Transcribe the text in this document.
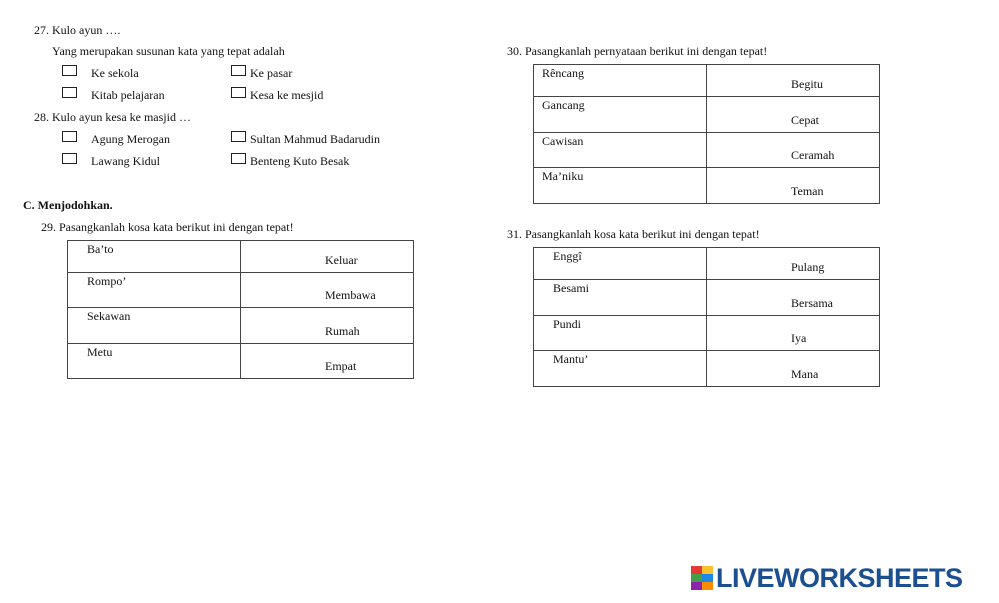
27. Kulo ayun ….
Yang merupakan susunan kata yang tepat adalah
Ke sekola	Ke pasar
Kitab pelajaran	Kesa ke mesjid
28. Kulo ayun kesa ke masjid …
Agung Merogan	Sultan Mahmud Badarudin
Lawang Kidul	Benteng Kuto Besak
C. Menjodohkan.
29. Pasangkanlah kosa kata berikut ini dengan tepat!
Ba’to	Keluar

Rompo’	Membawa

Sekawan	Rumah

Metu	Empat
30. Pasangkanlah pernyataan berikut ini dengan tepat!
Rêncang	Begitu

Gancang	Cepat

Cawisan	Ceramah

Ma’niku	Teman
31. Pasangkanlah kosa kata berikut ini dengan tepat!
Enggî	Pulang

Besami	Bersama

Pundi	Iya

Mantu’	Mana
LIVEWORKSHEETS
